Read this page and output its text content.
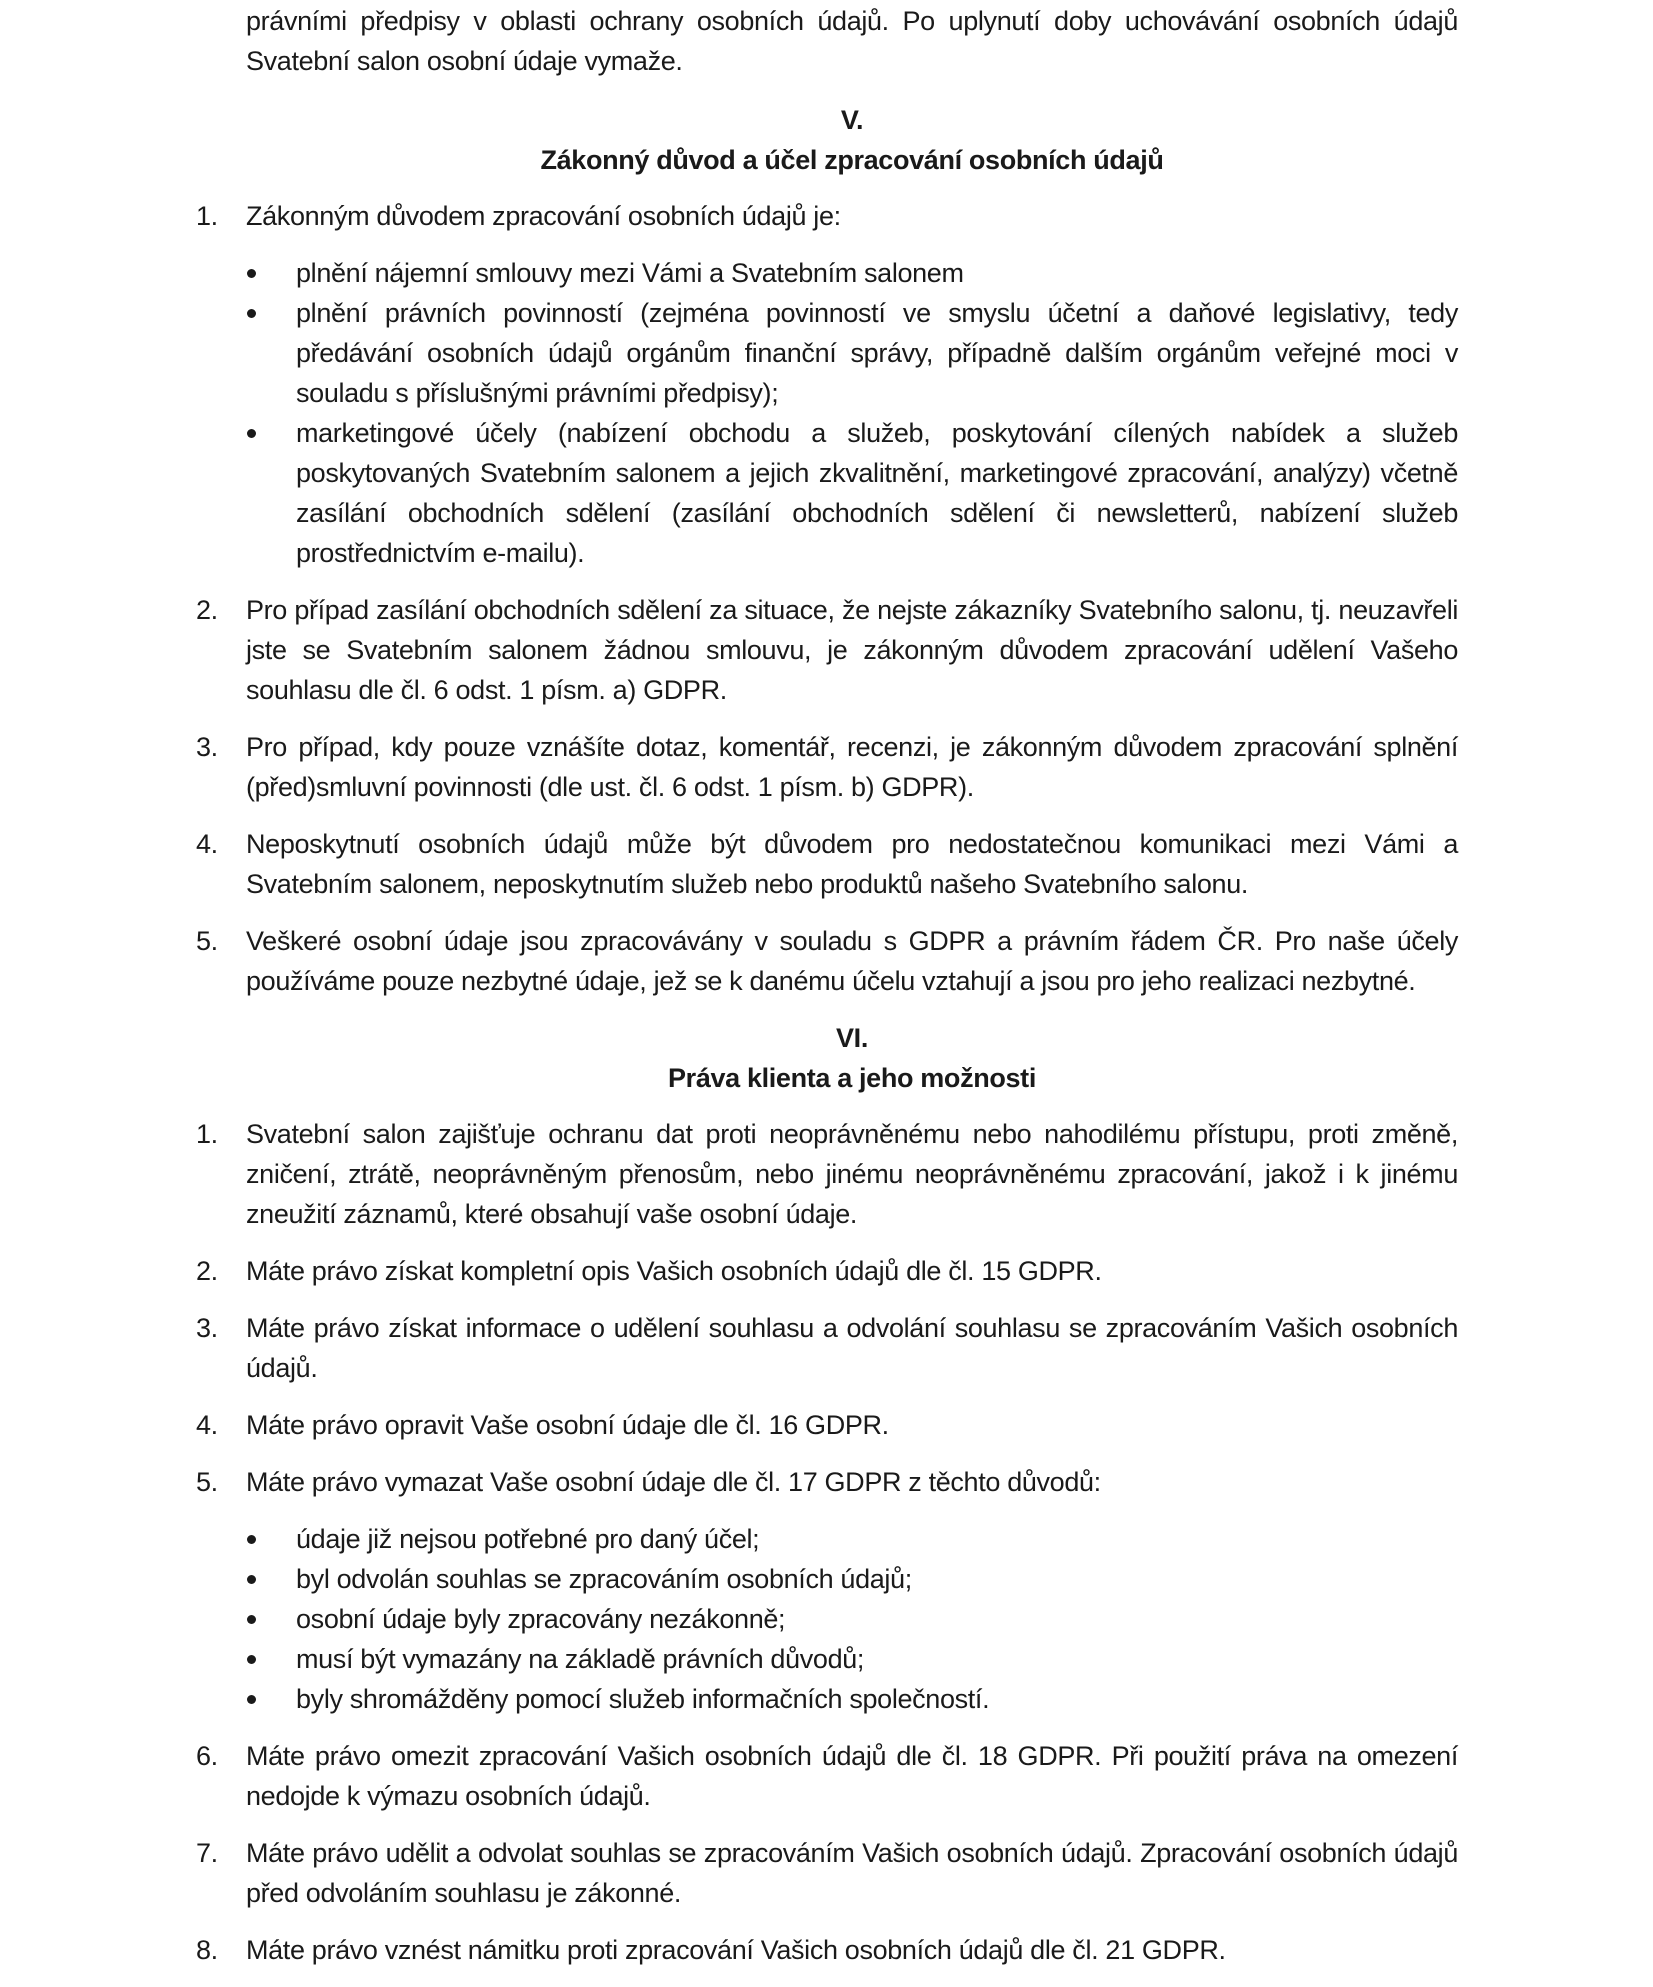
právními předpisy v oblasti ochrany osobních údajů. Po uplynutí doby uchovávání osobních údajů Svatební salon osobní údaje vymaže.

V.
Zákonný důvod a účel zpracování osobních údajů
1. Zákonným důvodem zpracování osobních údajů je:
plnění nájemní smlouvy mezi Vámi a Svatebním salonem
plnění právních povinností (zejména povinností ve smyslu účetní a daňové legislativy, tedy předávání osobních údajů orgánům finanční správy, případně dalším orgánům veřejné moci v souladu s příslušnými právními předpisy);
marketingové účely (nabízení obchodu a služeb, poskytování cílených nabídek a služeb poskytovaných Svatebním salonem a jejich zkvalitnění, marketingové zpracování, analýzy) včetně zasílání obchodních sdělení (zasílání obchodních sdělení či newsletterů, nabízení služeb prostřednictvím e-mailu).
2. Pro případ zasílání obchodních sdělení za situace, že nejste zákazníky Svatebního salonu, tj. neuzavřeli jste se Svatebním salonem žádnou smlouvu, je zákonným důvodem zpracování udělení Vašeho souhlasu dle čl. 6 odst. 1 písm. a) GDPR.
3. Pro případ, kdy pouze vznášíte dotaz, komentář, recenzi, je zákonným důvodem zpracování splnění (před)smluvní povinnosti (dle ust. čl. 6 odst. 1 písm. b) GDPR).
4. Neposkytnutí osobních údajů může být důvodem pro nedostatečnou komunikaci mezi Vámi a Svatebním salonem, neposkytnutím služeb nebo produktů našeho Svatebního salonu.
5. Veškeré osobní údaje jsou zpracovávány v souladu s GDPR a právním řádem ČR. Pro naše účely používáme pouze nezbytné údaje, jež se k danému účelu vztahují a jsou pro jeho realizaci nezbytné.
VI.
Práva klienta a jeho možnosti
1. Svatební salon zajišťuje ochranu dat proti neoprávněnému nebo nahodilému přístupu, proti změně, zničení, ztrátě, neoprávněným přenosům, nebo jinému neoprávněnému zpracování, jakož i k jinému zneužití záznamů, které obsahují vaše osobní údaje.
2. Máte právo získat kompletní opis Vašich osobních údajů dle čl. 15 GDPR.
3. Máte právo získat informace o udělení souhlasu a odvolání souhlasu se zpracováním Vašich osobních údajů.
4. Máte právo opravit Vaše osobní údaje dle čl. 16 GDPR.
5. Máte právo vymazat Vaše osobní údaje dle čl. 17 GDPR z těchto důvodů:
údaje již nejsou potřebné pro daný účel;
byl odvolán souhlas se zpracováním osobních údajů;
osobní údaje byly zpracovány nezákonně;
musí být vymazány na základě právních důvodů;
byly shromážděny pomocí služeb informačních společností.
6. Máte právo omezit zpracování Vašich osobních údajů dle čl. 18 GDPR. Při použití práva na omezení nedojde k výmazu osobních údajů.
7. Máte právo udělit a odvolat souhlas se zpracováním Vašich osobních údajů. Zpracování osobních údajů před odvoláním souhlasu je zákonné.
8. Máte právo vznést námitku proti zpracování Vašich osobních údajů dle čl. 21 GDPR.
